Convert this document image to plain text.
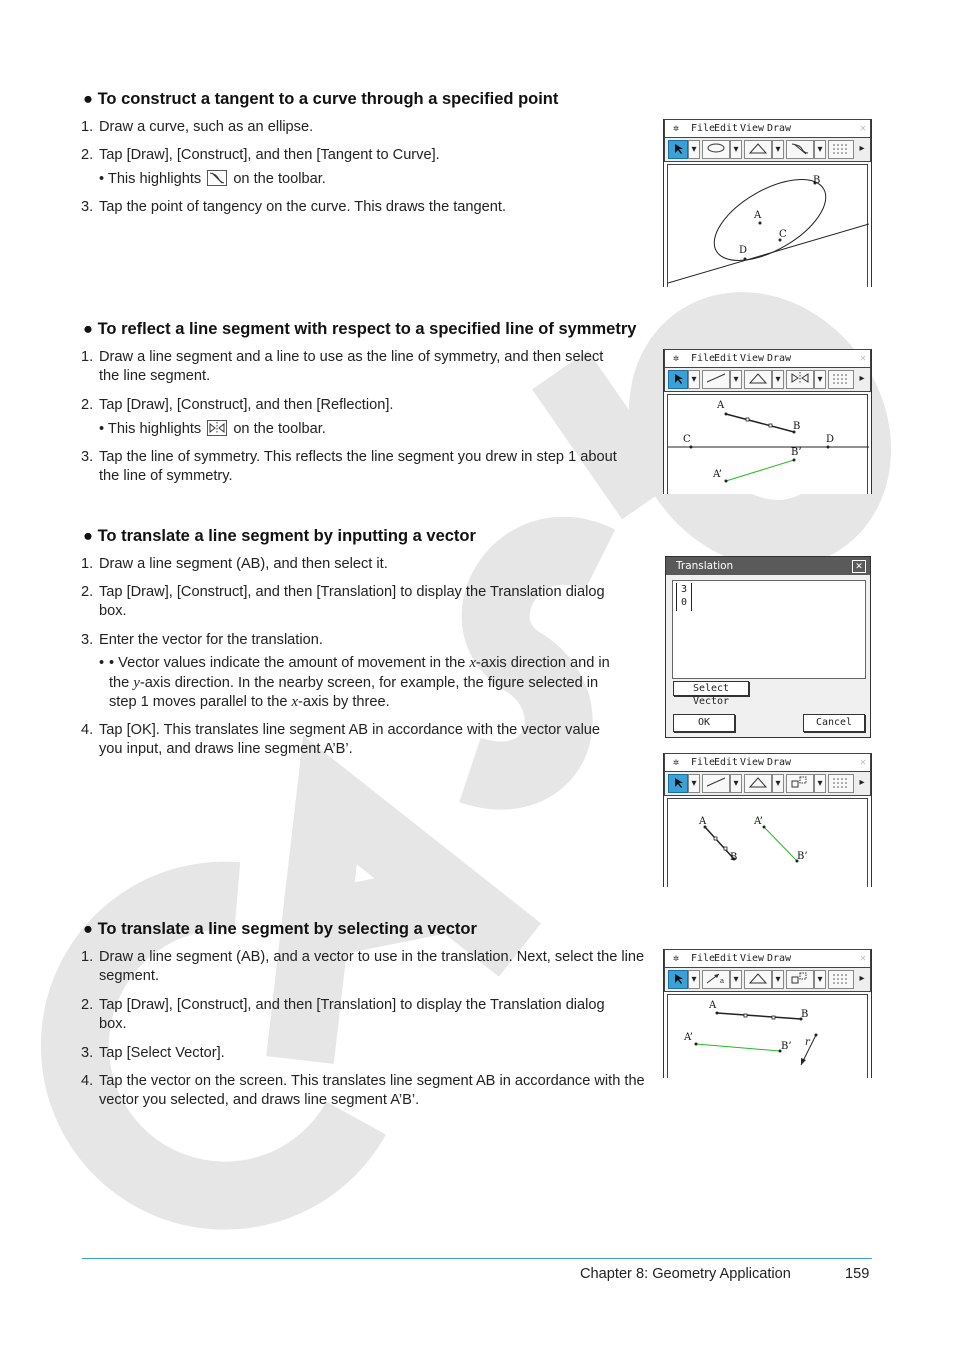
● To construct a tangent to a curve through a specified point
1. Draw a curve, such as an ellipse.
2. Tap [Draw], [Construct], and then [Tangent to Curve].
• This highlights on the toolbar.
3. Tap the point of tangency on the curve. This draws the tangent.
✲ File
Edit View Draw	✕
▾	▾	▾	▾	▸
B
A
C
D
● To reflect a line segment with respect to a specified line of symmetry
1. Draw a line segment and a line to use as the line of symmetry, and then select the line segment.
2. Tap [Draw], [Construct], and then [Reflection].
• This highlights on the toolbar.
3. Tap the line of symmetry. This reflects the line segment you drew in step 1 about the line of symmetry.
✲ File
Edit View Draw	✕
▾	▾	▾	▾	▸
A
B
C	D
B’
A’
● To translate a line segment by inputting a vector
1. Draw a line segment (AB), and then select it.
2. Tap [Draw], [Construct], and then [Translation] to display the Translation dialog box.
3. Enter the vector for the translation.
• • Vector values indicate the amount of movement in the x-axis direction and in the y-axis direction. In the nearby screen, for example, the figure selected in step 1 moves parallel to the x-axis by three.
4. Tap [OK]. This translates line segment AB in accordance with the vector value you input, and draws line segment A’B’.
Translation	✕
3
0
Select Vector
OK	Cancel
✲ File
Edit View Draw	✕
▾	▾	▾	▾	▸
A
B
A’
B’
● To translate a line segment by selecting a vector
1. Draw a line segment (AB), and a vector to use in the translation. Next, select the line segment.
2. Tap [Draw], [Construct], and then [Translation] to display the Translation dialog box.
3. Tap [Select Vector].
4. Tap the vector on the screen. This translates line segment AB in accordance with the vector you selected, and draws line segment A’B’.
✲ File
Edit View Draw	✕
▾	a ▾	▾	▾	▸
A
B
A’
B’ r
Chapter 8: Geometry Application	159
